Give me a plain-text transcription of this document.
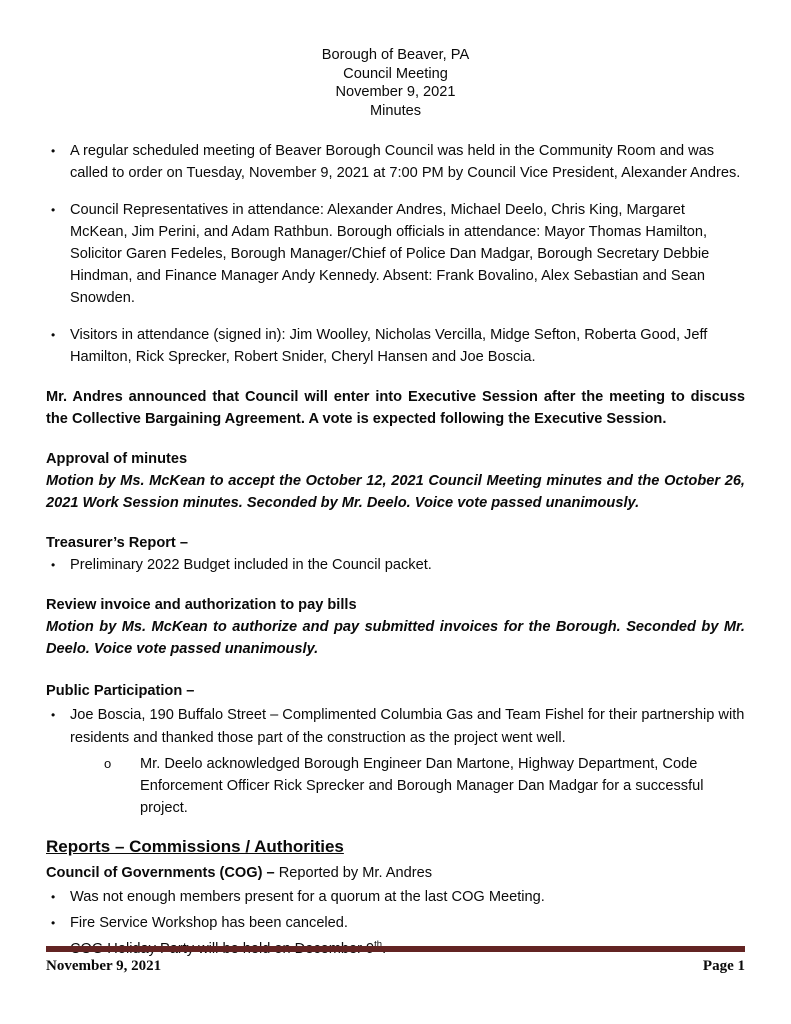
Borough of Beaver, PA
Council Meeting
November 9, 2021
Minutes
•	A regular scheduled meeting of Beaver Borough Council was held in the Community Room and was called to order on Tuesday, November 9, 2021 at 7:00 PM by Council Vice President, Alexander Andres.
•	Council Representatives in attendance: Alexander Andres, Michael Deelo, Chris King, Margaret McKean, Jim Perini, and Adam Rathbun. Borough officials in attendance: Mayor Thomas Hamilton, Solicitor Garen Fedeles, Borough Manager/Chief of Police Dan Madgar, Borough Secretary Debbie Hindman, and Finance Manager Andy Kennedy. Absent: Frank Bovalino, Alex Sebastian and Sean Snowden.
•	Visitors in attendance (signed in): Jim Woolley, Nicholas Vercilla, Midge Sefton, Roberta Good, Jeff Hamilton, Rick Sprecker, Robert Snider, Cheryl Hansen and Joe Boscia.
Mr. Andres announced that Council will enter into Executive Session after the meeting to discuss the Collective Bargaining Agreement. A vote is expected following the Executive Session.
Approval of minutes
Motion by Ms. McKean to accept the October 12, 2021 Council Meeting minutes and the October 26, 2021 Work Session minutes. Seconded by Mr. Deelo. Voice vote passed unanimously.
Treasurer’s Report –
•	Preliminary 2022 Budget included in the Council packet.
Review invoice and authorization to pay bills
Motion by Ms. McKean to authorize and pay submitted invoices for the Borough. Seconded by Mr. Deelo. Voice vote passed unanimously.
Public Participation –
•	Joe Boscia, 190 Buffalo Street – Complimented Columbia Gas and Team Fishel for their partnership with residents and thanked those part of the construction as the project went well.
o	Mr. Deelo acknowledged Borough Engineer Dan Martone, Highway Department, Code Enforcement Officer Rick Sprecker and Borough Manager Dan Madgar for a successful project.
Reports – Commissions / Authorities
Council of Governments (COG) – Reported by Mr. Andres
•	Was not enough members present for a quorum at the last COG Meeting.
•	Fire Service Workshop has been canceled.
November 9, 2021	Page 1
